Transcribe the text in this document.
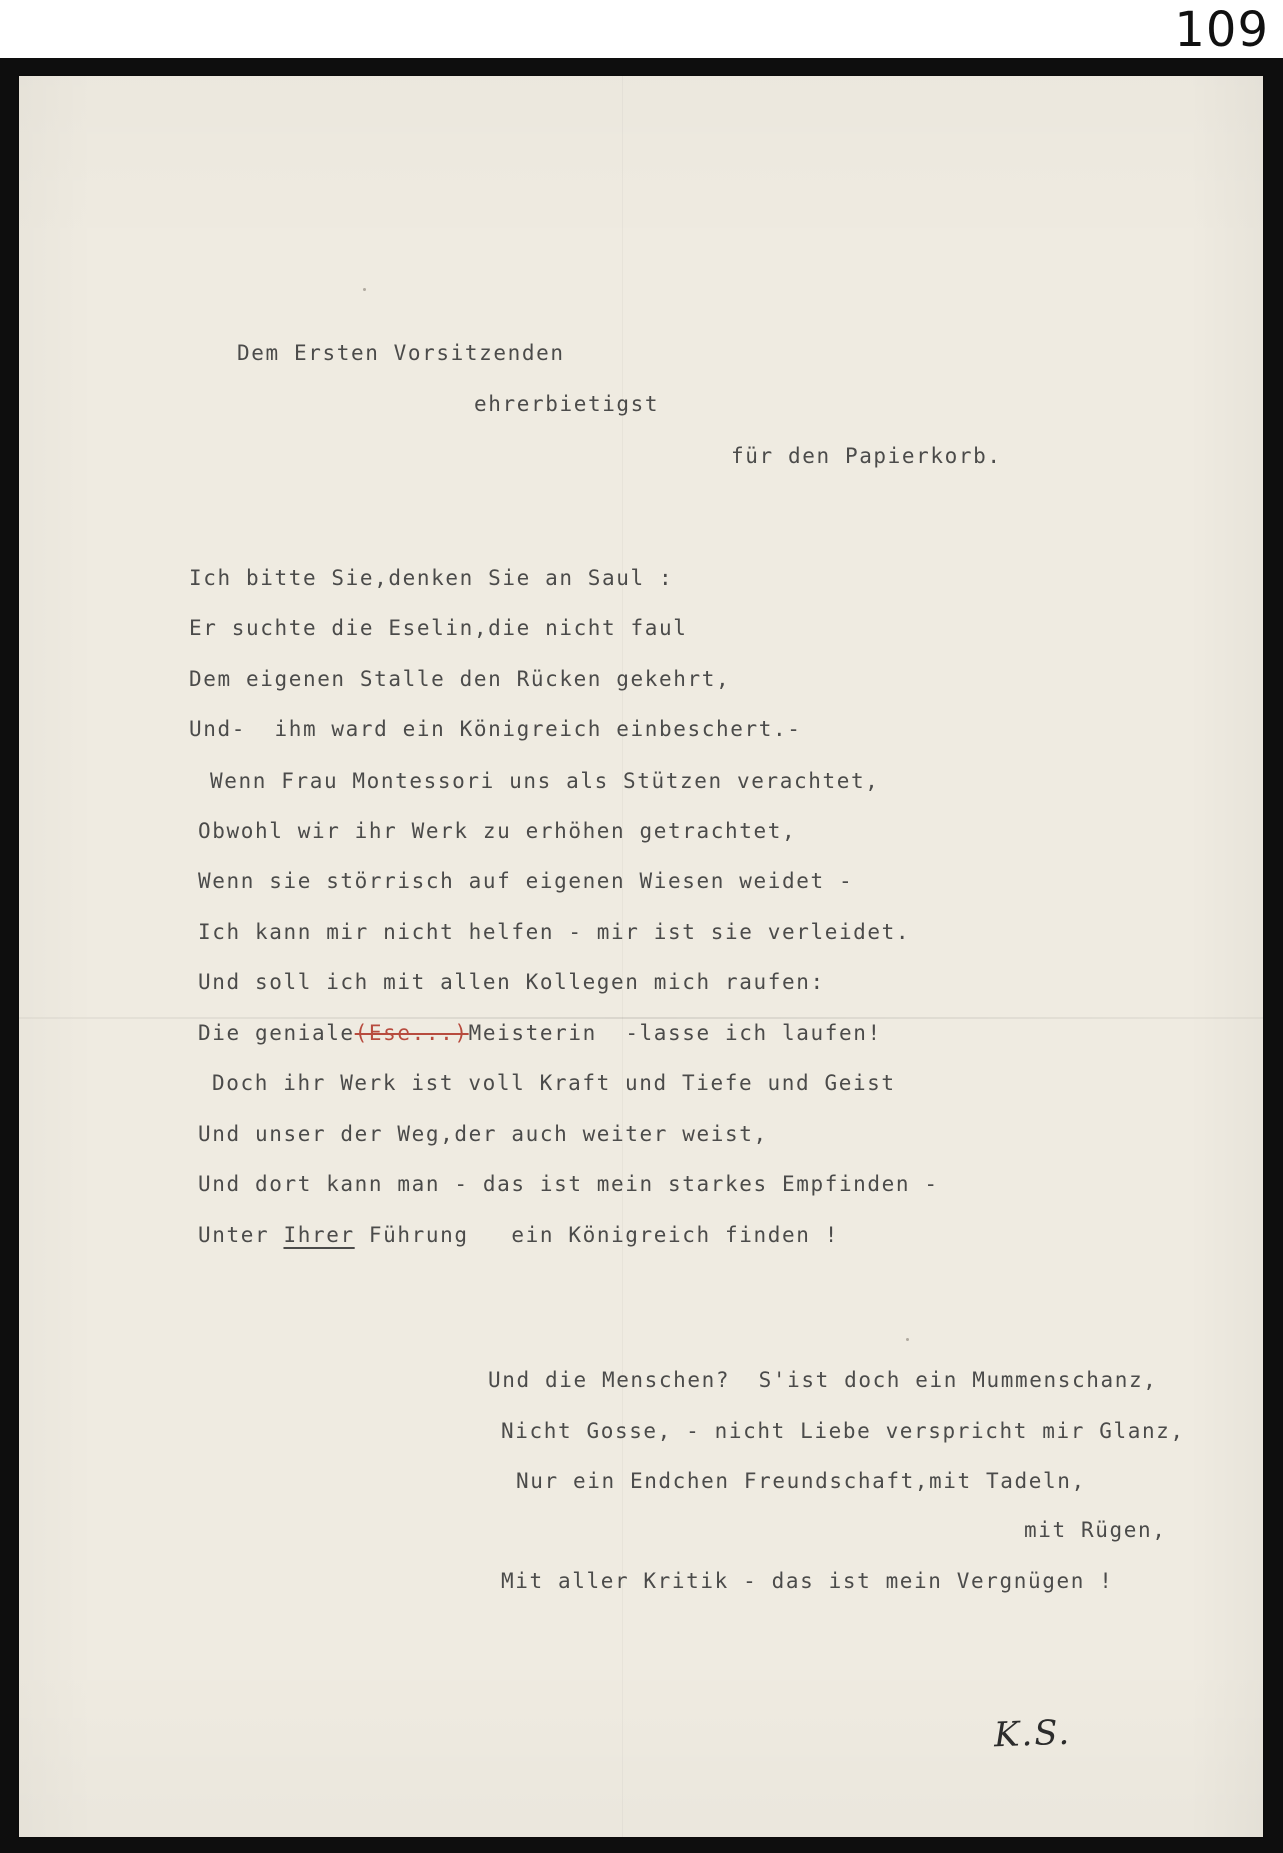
109
Dem Ersten Vorsitzenden
ehrerbietigst
für den Papierkorb.
Ich bitte Sie,denken Sie an Saul :
Er suchte die Eselin,die nicht faul
Dem eigenen Stalle den Rücken gekehrt,
Und-  ihm ward ein Königreich einbeschert.-
Wenn Frau Montessori uns als Stützen verachtet,
Obwohl wir ihr Werk zu erhöhen getrachtet,
Wenn sie störrisch auf eigenen Wiesen weidet -
Ich kann mir nicht helfen - mir ist sie verleidet.
Und soll ich mit allen Kollegen mich raufen:
Die geniale(Ese...)Meisterin  -lasse ich laufen!
Doch ihr Werk ist voll Kraft und Tiefe und Geist
Und unser der Weg,der auch weiter weist,
Und dort kann man - das ist mein starkes Empfinden -
Unter Ihrer Führung   ein Königreich finden !
Und die Menschen?  S'ist doch ein Mummenschanz,
Nicht Gosse, - nicht Liebe verspricht mir Glanz,
Nur ein Endchen Freundschaft,mit Tadeln,
mit Rügen,
Mit aller Kritik - das ist mein Vergnügen !
K.S.
